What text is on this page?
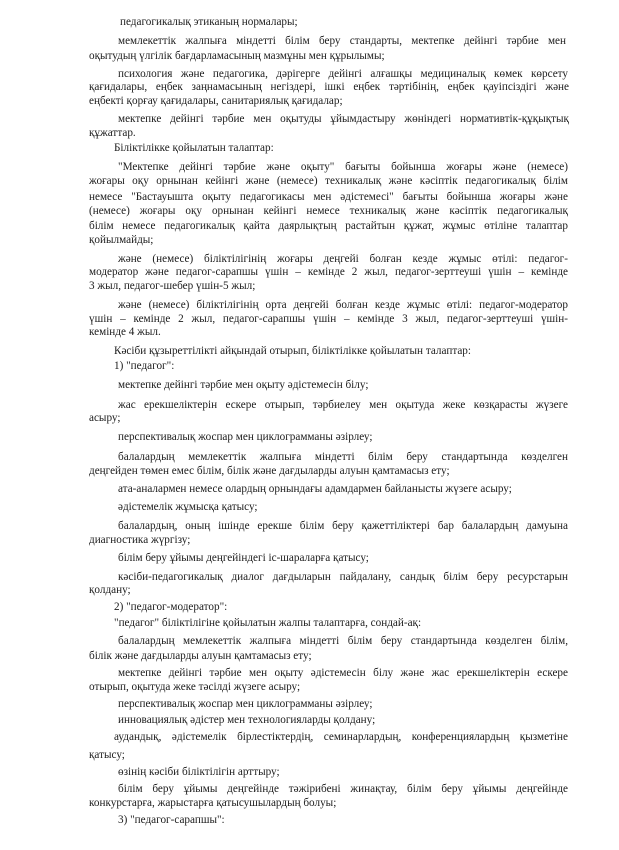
педагогикалық этиканың нормалары;
мемлекеттік жалпыға міндетті білім беру стандарты, мектепке дейінгі тәрбие мен
оқытудың үлгілік бағдарламасының мазмұны мен құрылымы;
психология және педагогика, дәрігерге дейінгі алғашқы медициналық көмек көрсету
қағидалары, еңбек заңнамасының негіздері, ішкі еңбек тәртібінің, еңбек қауіпсіздігі және
еңбекті қорғау қағидалары, санитариялық қағидалар;
мектепке дейінгі тәрбие мен оқытуды ұйымдастыру жөніндегі нормативтік-құқықтық
құжаттар.
Біліктілікке қойылатын талаптар:
"Мектепке дейінгі тәрбие және оқыту" бағыты бойынша жоғары және (немесе)
жоғары оқу орнынан кейінгі және (немесе) техникалық және кәсіптік педагогикалық білім
немесе "Бастауышта оқыту педагогикасы мен әдістемесі" бағыты бойынша жоғары және
(немесе) жоғары оқу орнынан кейінгі немесе техникалық және кәсіптік педагогикалық
білім немесе педагогикалық қайта даярлықтың растайтын құжат, жұмыс өтіліне талаптар
қойылмайды;
және (немесе) біліктілігінің жоғары деңгейі болған кезде жұмыс өтілі: педагог-
модератор және педагог-сарапшы үшін – кемінде 2 жыл, педагог-зерттеуші үшін – кемінде
3 жыл, педагог-шебер үшін-5 жыл;
және (немесе) біліктілігінің орта деңгейі болған кезде жұмыс өтілі: педагог-модератор
үшін – кемінде 2 жыл, педагог-сарапшы үшін – кемінде 3 жыл, педагог-зерттеуші үшін-
кемінде 4 жыл.
Кәсіби құзыреттілікті айқындай отырып, біліктілікке қойылатын талаптар:
1) "педагог":
мектепке дейінгі тәрбие мен оқыту әдістемесін білу;
жас ерекшеліктерін ескере отырып, тәрбиелеу мен оқытуда жеке көзқарасты жүзеге
асыру;
перспективалық жоспар мен циклограмманы әзірлеу;
балалардың мемлекеттік жалпыға міндетті білім беру стандартында көзделген
деңгейден төмен емес білім, білік және дағдыларды алуын қамтамасыз ету;
ата-аналармен немесе олардың орнындағы адамдармен байланысты жүзеге асыру;
әдістемелік жұмысқа қатысу;
балалардың, оның ішінде ерекше білім беру қажеттіліктері бар балалардың дамуына
диагностика жүргізу;
білім беру ұйымы деңгейіндегі іс-шараларға қатысу;
кәсіби-педагогикалық диалог дағдыларын пайдалану, сандық білім беру ресурстарын
қолдану;
2) "педагог-модератор":
"педагог" біліктілігіне қойылатын жалпы талаптарға, сондай-ақ:
балалардың мемлекеттік жалпыға міндетті білім беру стандартында көзделген білім,
білік және дағдыларды алуын қамтамасыз ету;
мектепке дейінгі тәрбие мен оқыту әдістемесін білу және жас ерекшеліктерін ескере
отырып, оқытуда жеке тәсілді жүзеге асыру;
перспективалық жоспар мен циклограмманы әзірлеу;
инновациялық әдістер мен технологияларды қолдану;
аудандық, әдістемелік бірлестіктердің, семинарлардың, конференциялардың қызметіне
қатысу;
өзінің кәсіби біліктілігін арттыру;
білім беру ұйымы деңгейінде тәжірибені жинақтау, білім беру ұйымы деңгейінде
конкурстарға, жарыстарға қатысушылардың болуы;
3) "педагог-сарапшы":
